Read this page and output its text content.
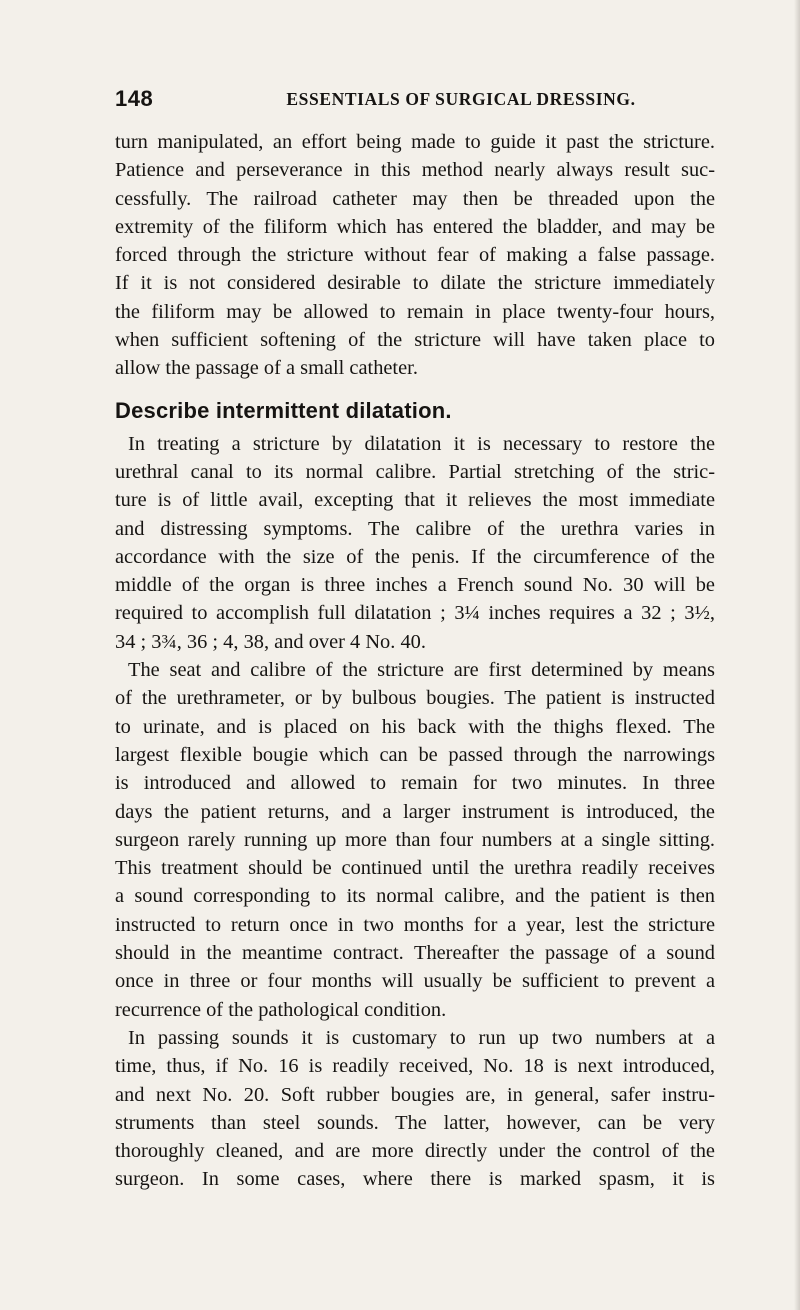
148	ESSENTIALS OF SURGICAL DRESSING.

turn manipulated, an effort being made to guide it past the stricture.
Patience and perseverance in this method nearly always result suc-
cessfully. The railroad catheter may then be threaded upon the
extremity of the filiform which has entered the bladder, and may be
forced through the stricture without fear of making a false passage.
If it is not considered desirable to dilate the stricture immediately
the filiform may be allowed to remain in place twenty-four hours,
when sufficient softening of the stricture will have taken place to
allow the passage of a small catheter.

Describe intermittent dilatation.

In treating a stricture by dilatation it is necessary to restore the
urethral canal to its normal calibre. Partial stretching of the stric-
ture is of little avail, excepting that it relieves the most immediate
and distressing symptoms. The calibre of the urethra varies in
accordance with the size of the penis. If the circumference of the
middle of the organ is three inches a French sound No. 30 will be
required to accomplish full dilatation ; 3¼ inches requires a 32 ; 3½,
34 ; 3¾, 36 ; 4, 38, and over 4 No. 40.

The seat and calibre of the stricture are first determined by means
of the urethrameter, or by bulbous bougies. The patient is instructed
to urinate, and is placed on his back with the thighs flexed. The
largest flexible bougie which can be passed through the narrowings
is introduced and allowed to remain for two minutes. In three
days the patient returns, and a larger instrument is introduced, the
surgeon rarely running up more than four numbers at a single sitting.
This treatment should be continued until the urethra readily receives
a sound corresponding to its normal calibre, and the patient is then
instructed to return once in two months for a year, lest the stricture
should in the meantime contract. Thereafter the passage of a sound
once in three or four months will usually be sufficient to prevent a
recurrence of the pathological condition.

In passing sounds it is customary to run up two numbers at a
time, thus, if No. 16 is readily received, No. 18 is next introduced,
and next No. 20. Soft rubber bougies are, in general, safer instru-
struments than steel sounds. The latter, however, can be very
thoroughly cleaned, and are more directly under the control of the
surgeon. In some cases, where there is marked spasm, it is
